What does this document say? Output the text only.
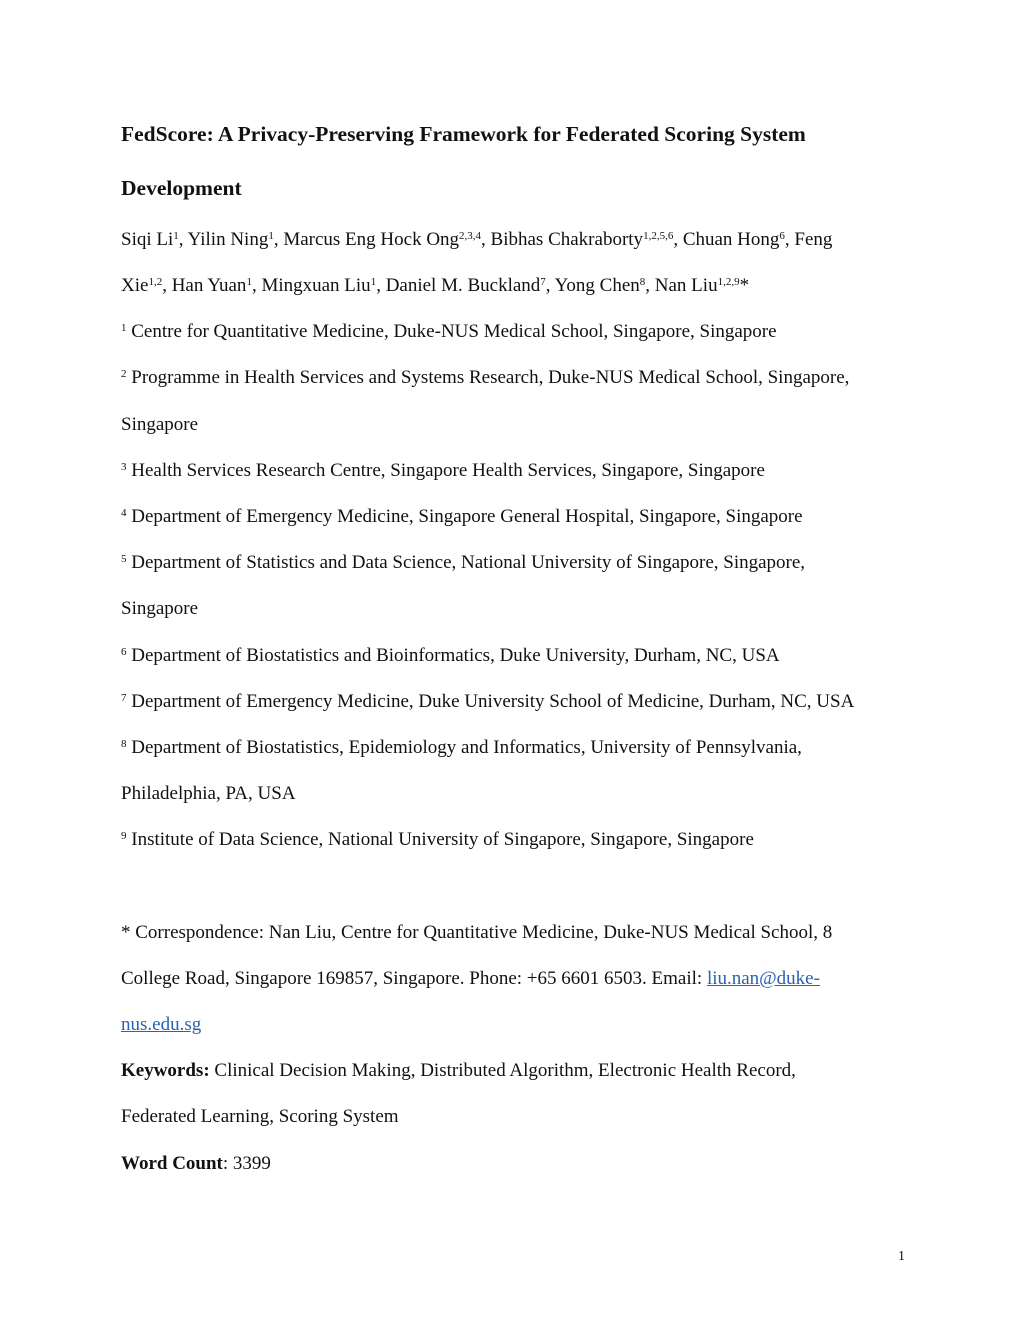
FedScore: A Privacy-Preserving Framework for Federated Scoring System
Development
Siqi Li$^1$, Yilin Ning$^1$, Marcus Eng Hock Ong$^{2,3,4}$, Bibhas Chakraborty$^{1,2,5,6}$, Chuan Hong$^6$, Feng
Xie$^{1,2}$, Han Yuan$^1$, Mingxuan Liu$^1$, Daniel M. Buckland$^7$, Yong Chen$^8$, Nan Liu$^{1,2,9}$*
$^1$ Centre for Quantitative Medicine, Duke-NUS Medical School, Singapore, Singapore
$^2$ Programme in Health Services and Systems Research, Duke-NUS Medical School, Singapore,
Singapore
$^3$ Health Services Research Centre, Singapore Health Services, Singapore, Singapore
$^4$ Department of Emergency Medicine, Singapore General Hospital, Singapore, Singapore
$^5$ Department of Statistics and Data Science, National University of Singapore, Singapore,
Singapore
$^6$ Department of Biostatistics and Bioinformatics, Duke University, Durham, NC, USA
$^7$ Department of Emergency Medicine, Duke University School of Medicine, Durham, NC, USA
$^8$ Department of Biostatistics, Epidemiology and Informatics, University of Pennsylvania,
Philadelphia, PA, USA
$^9$ Institute of Data Science, National University of Singapore, Singapore, Singapore
* Correspondence: Nan Liu, Centre for Quantitative Medicine, Duke-NUS Medical School, 8
College Road, Singapore 169857, Singapore. Phone: +65 6601 6503. Email: liu.nan@duke-
nus.edu.sg
Keywords: Clinical Decision Making, Distributed Algorithm, Electronic Health Record,
Federated Learning, Scoring System
Word Count: 3399
1
